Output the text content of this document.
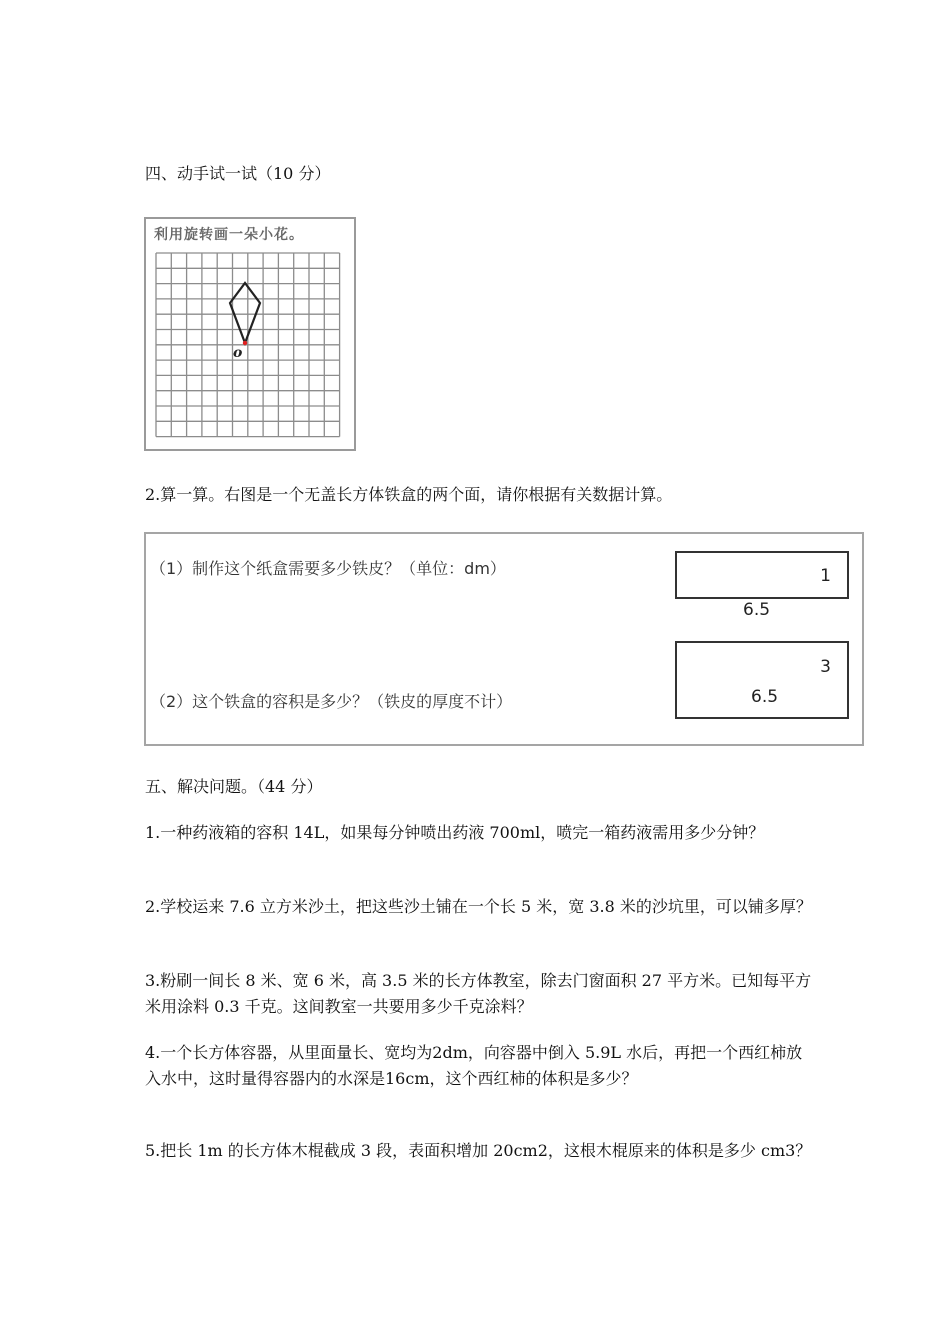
四、动手试一试（10 分）
利用旋转画一朵小花。
o
2.算一算。右图是一个无盖长方体铁盒的两个面，请你根据有关数据计算。
（1）制作这个纸盒需要多少铁皮？（单位：dm）
（2）这个铁盒的容积是多少？（铁皮的厚度不计）
1
6.5
3
6.5
五、解决问题。（44 分）
1.一种药液箱的容积 14L，如果每分钟喷出药液 700ml，喷完一箱药液需用多少分钟？
2.学校运来 7.6 立方米沙土，把这些沙土铺在一个长 5 米，宽 3.8 米的沙坑里，可以铺多厚？
3.粉刷一间长 8 米、宽 6 米，高 3.5 米的长方体教室，除去门窗面积 27 平方米。已知每平方米用涂料 0.3 千克。这间教室一共要用多少千克涂料？
4.一个长方体容器，从里面量长、宽均为2dm，向容器中倒入 5.9L 水后，再把一个西红柿放入水中，这时量得容器内的水深是16cm，这个西红柿的体积是多少？
5.把长 1m 的长方体木棍截成 3 段，表面积增加 20cm2，这根木棍原来的体积是多少 cm3？
